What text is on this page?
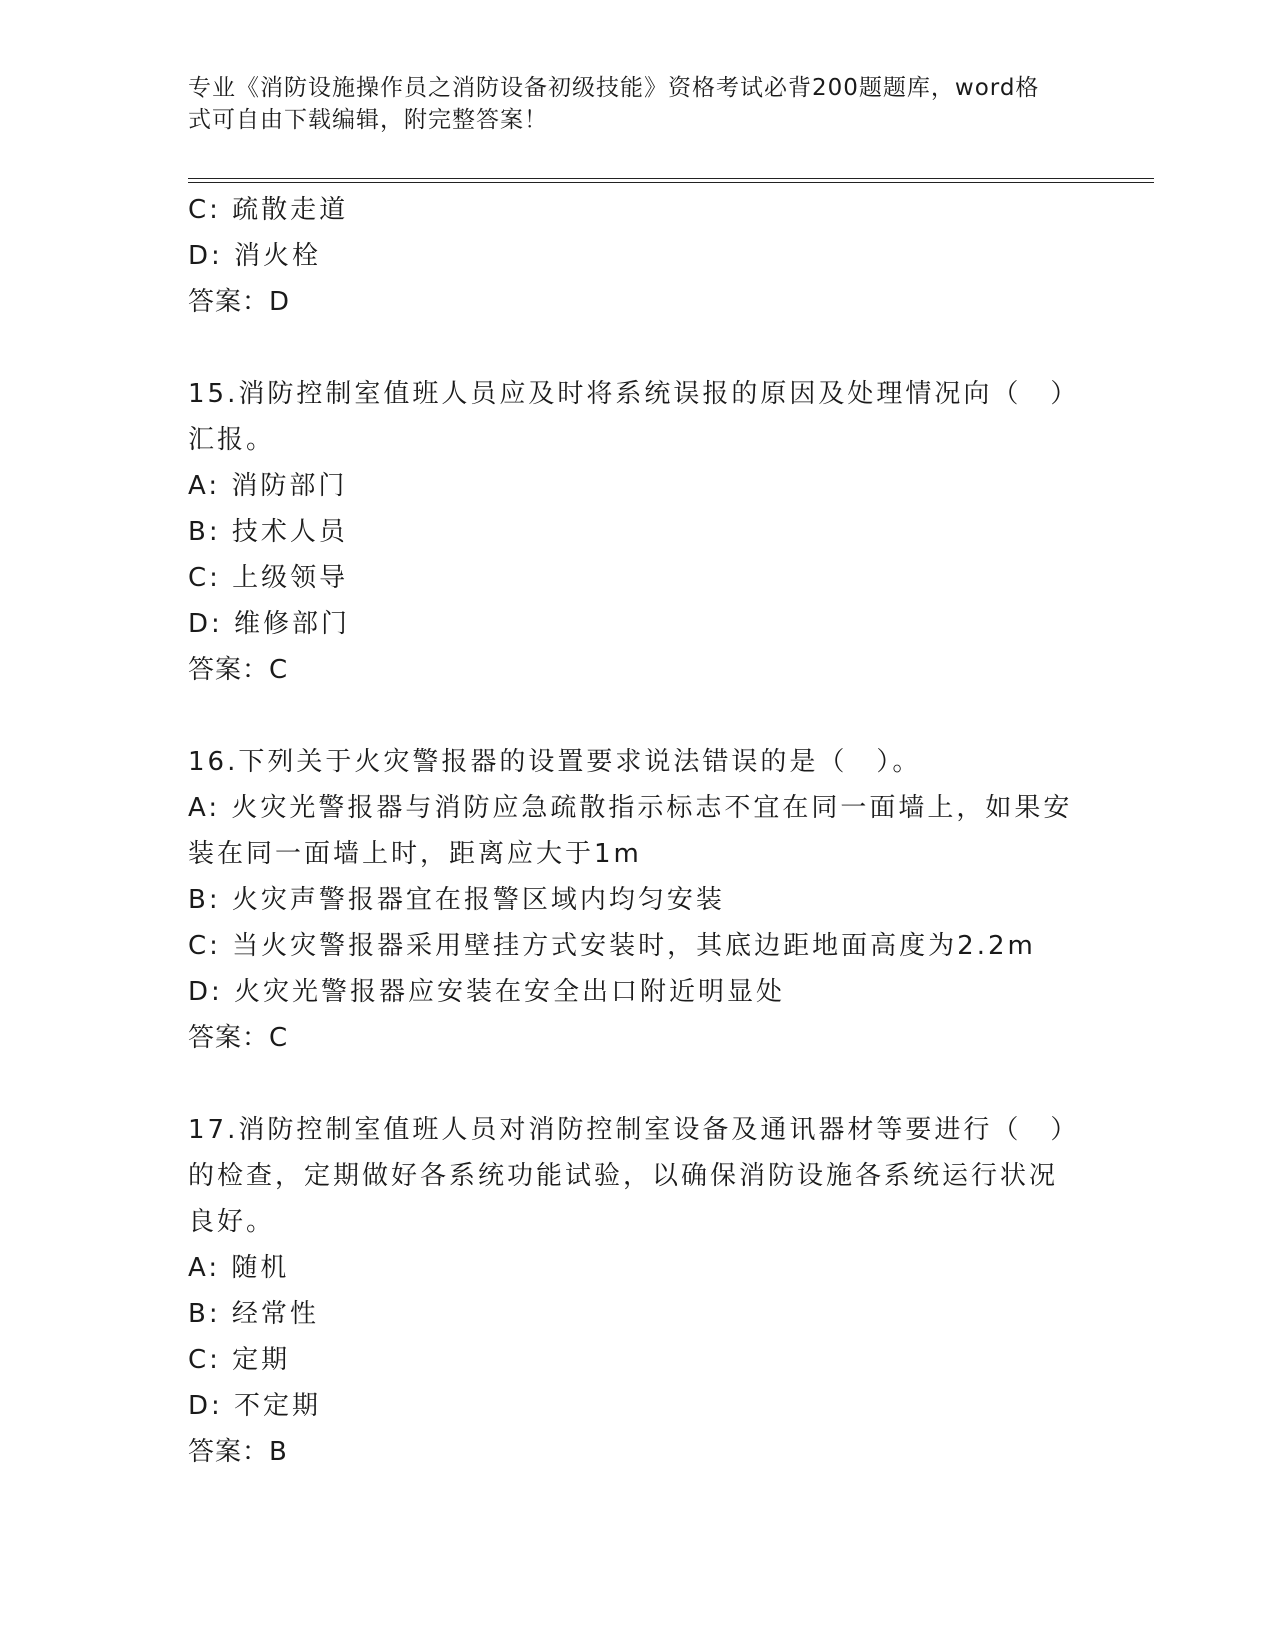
专业《消防设施操作员之消防设备初级技能》资格考试必背200题题库，word格
式可自由下载编辑，附完整答案！
C: 疏散走道
D: 消火栓
答案：D
15.消防控制室值班人员应及时将系统误报的原因及处理情况向（　）
汇报。
A: 消防部门
B: 技术人员
C: 上级领导
D: 维修部门
答案：C
16.下列关于火灾警报器的设置要求说法错误的是（　）。
A: 火灾光警报器与消防应急疏散指示标志不宜在同一面墙上，如果安
装在同一面墙上时，距离应大于1m
B: 火灾声警报器宜在报警区域内均匀安装
C: 当火灾警报器采用壁挂方式安装时，其底边距地面高度为2.2m
D: 火灾光警报器应安装在安全出口附近明显处
答案：C
17.消防控制室值班人员对消防控制室设备及通讯器材等要进行（　）
的检查，定期做好各系统功能试验，以确保消防设施各系统运行状况
良好。
A: 随机
B: 经常性
C: 定期
D: 不定期
答案：B
